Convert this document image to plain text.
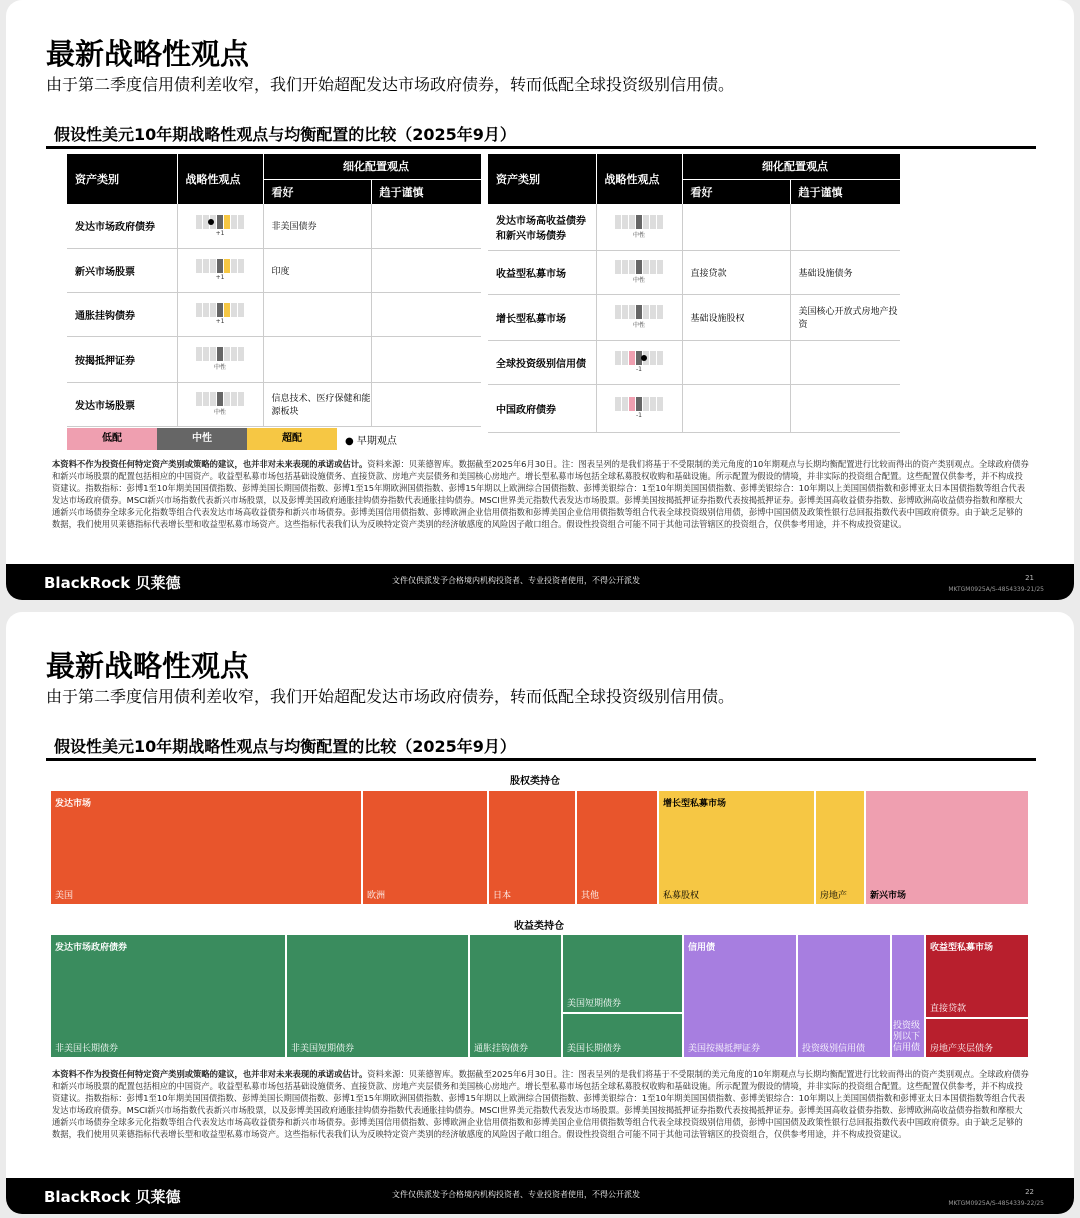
最新战略性观点
由于第二季度信用债利差收窄，我们开始超配发达市场政府债券，转而低配全球投资级别信用债。
假设性美元10年期战略性观点与均衡配置的比较（2025年9月）
资产类别	战略性观点	细化配置观点	
		看好	趋于谨慎
发达市场政府债券	+1	非美国债券	
新兴市场股票	+1	印度	
通胀挂钩债券	+1		

按揭抵押证券	中性		

发达市场股票	中性	信息技术、医疗保健和能源板块	
资产类别	战略性观点	细化配置观点	
		看好	趋于谨慎
发达市场高收益债券和新兴市场债券	中性		

收益型私募市场	中性	直接贷款	基础设施债务
增长型私募市场	中性	基础设施股权	美国核心开放式房地产投资
全球投资级别信用债	-1		

中国政府债券	-1		

低配	中性	超配	● 早期观点
本资料不作为投资任何特定资产类别或策略的建议，也并非对未来表现的承诺或估计。资料来源：贝莱德智库。数据截至2025年6月30日。注：图表呈列的是我们将基于不受限制的美元角度的10年期观点与长期均衡配置进行比较而得出的资产类别观点。全球政府债券和新兴市场股票的配置包括相应的中国资产。收益型私募市场包括基础设施债务、直接贷款、房地产夹层债务和美国核心房地产。增长型私募市场包括全球私募股权收购和基础设施。所示配置为假设的情境，并非实际的投资组合配置。这些配置仅供参考，并不构成投资建议。指数指标：彭博1至10年期美国国债指数、彭博美国长期国债指数、彭博1至15年期欧洲国债指数、彭博15年期以上欧洲综合国债指数、彭博美银综合：1至10年期美国国债指数、彭博美银综合：10年期以上美国国债指数和彭博亚太日本国债指数等组合代表发达市场政府债券。MSCI新兴市场指数代表新兴市场股票，以及彭博美国政府通胀挂钩债券指数代表通胀挂钩债券。MSCI世界美元指数代表发达市场股票。彭博美国按揭抵押证券指数代表按揭抵押证券。彭博美国高收益债券指数、彭博欧洲高收益债券指数和摩根大通新兴市场债券全球多元化指数等组合代表发达市场高收益债券和新兴市场债券。彭博美国信用债指数、彭博欧洲企业信用债指数和彭博美国企业信用债指数等组合代表全球投资级别信用债，彭博中国国债及政策性银行总回报指数代表中国政府债券。由于缺乏足够的数据，我们使用贝莱德指标代表增长型和收益型私募市场资产。这些指标代表我们认为反映特定资产类别的经济敏感度的风险因子敞口组合。假设性投资组合可能不同于其他司法管辖区的投资组合，仅供参考用途，并不构成投资建议。
BlackRock 贝莱德	文件仅供派发予合格境内机构投资者、专业投资者使用，不得公开派发	21
MKTGM0925A/S-4854339-21/25
最新战略性观点
由于第二季度信用债利差收窄，我们开始超配发达市场政府债券，转而低配全球投资级别信用债。
假设性美元10年期战略性观点与均衡配置的比较（2025年9月）
股权类持仓
发达市场
美国	欧洲	日本	其他
增长型私募市场
私募股权	房地产	新兴市场
收益类持仓
发达市场政府债券
非美国长期债券	非美国短期债券	通胀挂钩债券
美国短期债券
美国长期债券
信用债
美国按揭抵押证券	投资级别信用债
投资级别以下信用债
收益型私募市场
直接贷款
房地产夹层债务
本资料不作为投资任何特定资产类别或策略的建议，也并非对未来表现的承诺或估计。资料来源：贝莱德智库。数据截至2025年6月30日。注：图表呈列的是我们将基于不受限制的美元角度的10年期观点与长期均衡配置进行比较而得出的资产类别观点。全球政府债券和新兴市场股票的配置包括相应的中国资产。收益型私募市场包括基础设施债务、直接贷款、房地产夹层债务和美国核心房地产。增长型私募市场包括全球私募股权收购和基础设施。所示配置为假设的情境，并非实际的投资组合配置。这些配置仅供参考，并不构成投资建议。指数指标：彭博1至10年期美国国债指数、彭博美国长期国债指数、彭博1至15年期欧洲国债指数、彭博15年期以上欧洲综合国债指数、彭博美银综合：1至10年期美国国债指数、彭博美银综合：10年期以上美国国债指数和彭博亚太日本国债指数等组合代表发达市场政府债券。MSCI新兴市场指数代表新兴市场股票，以及彭博美国政府通胀挂钩债券指数代表通胀挂钩债券。MSCI世界美元指数代表发达市场股票。彭博美国按揭抵押证券指数代表按揭抵押证券。彭博美国高收益债券指数、彭博欧洲高收益债券指数和摩根大通新兴市场债券全球多元化指数等组合代表发达市场高收益债券和新兴市场债券。彭博美国信用债指数、彭博欧洲企业信用债指数和彭博美国企业信用债指数等组合代表全球投资级别信用债，彭博中国国债及政策性银行总回报指数代表中国政府债券。由于缺乏足够的数据，我们使用贝莱德指标代表增长型和收益型私募市场资产。这些指标代表我们认为反映特定资产类别的经济敏感度的风险因子敞口组合。假设性投资组合可能不同于其他司法管辖区的投资组合，仅供参考用途，并不构成投资建议。
BlackRock 贝莱德	文件仅供派发予合格境内机构投资者、专业投资者使用，不得公开派发	22
MKTGM0925A/S-4854339-22/25
